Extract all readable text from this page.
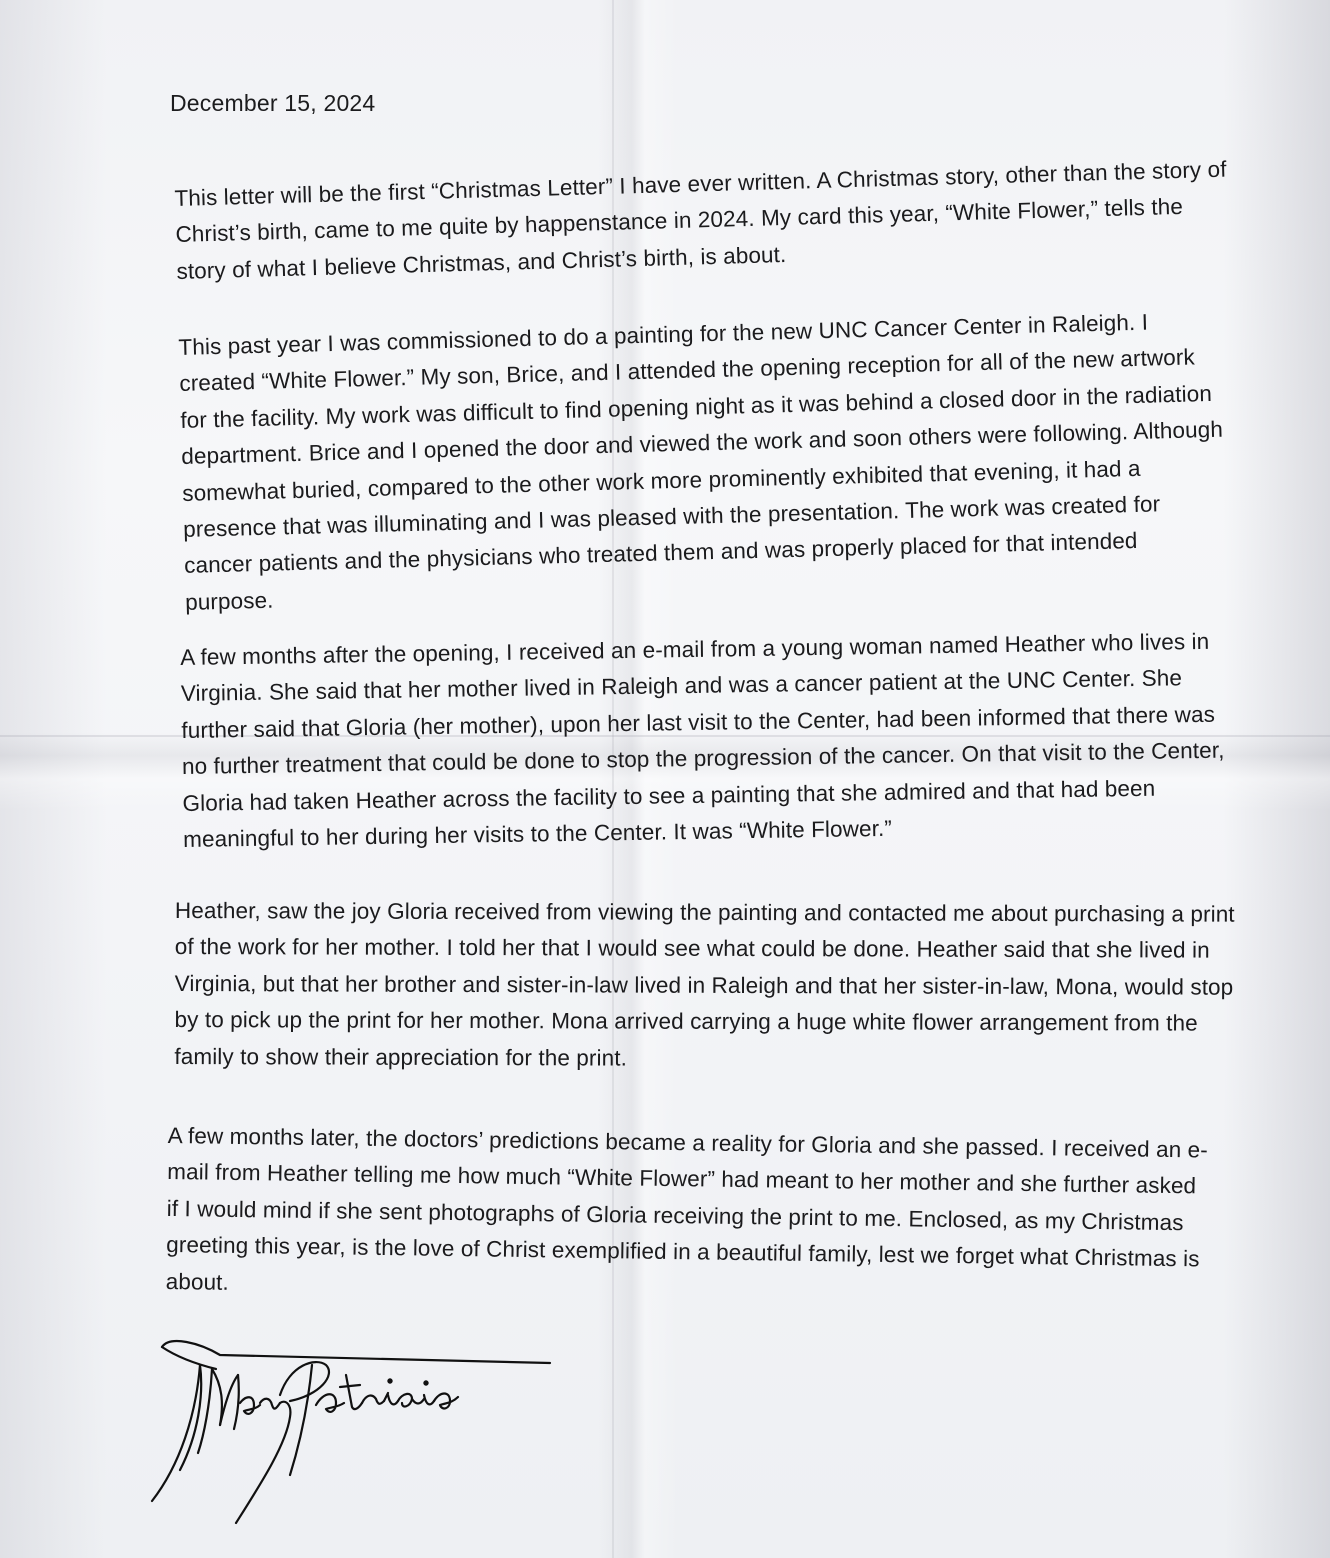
December 15, 2024

This letter will be the first “Christmas Letter” I have ever written. A Christmas story, other than the story of Christ’s birth, came to me quite by happenstance in 2024. My card this year, “White Flower,” tells the story of what I believe Christmas, and Christ’s birth, is about.

This past year I was commissioned to do a painting for the new UNC Cancer Center in Raleigh. I created “White Flower.” My son, Brice, and I attended the opening reception for all of the new artwork for the facility. My work was difficult to find opening night as it was behind a closed door in the radiation department. Brice and I opened the door and viewed the work and soon others were following. Although somewhat buried, compared to the other work more prominently exhibited that evening, it had a presence that was illuminating and I was pleased with the presentation. The work was created for cancer patients and the physicians who treated them and was properly placed for that intended purpose.

A few months after the opening, I received an e-mail from a young woman named Heather who lives in Virginia. She said that her mother lived in Raleigh and was a cancer patient at the UNC Center. She further said that Gloria (her mother), upon her last visit to the Center, had been informed that there was no further treatment that could be done to stop the progression of the cancer. On that visit to the Center, Gloria had taken Heather across the facility to see a painting that she admired and that had been meaningful to her during her visits to the Center. It was “White Flower.”

Heather, saw the joy Gloria received from viewing the painting and contacted me about purchasing a print of the work for her mother. I told her that I would see what could be done. Heather said that she lived in Virginia, but that her brother and sister-in-law lived in Raleigh and that her sister-in-law, Mona, would stop by to pick up the print for her mother. Mona arrived carrying a huge white flower arrangement from the family to show their appreciation for the print.

A few months later, the doctors’ predictions became a reality for Gloria and she passed. I received an e-mail from Heather telling me how much “White Flower” had meant to her mother and she further asked if I would mind if she sent photographs of Gloria receiving the print to me. Enclosed, as my Christmas greeting this year, is the love of Christ exemplified in a beautiful family, lest we forget what Christmas is about.
